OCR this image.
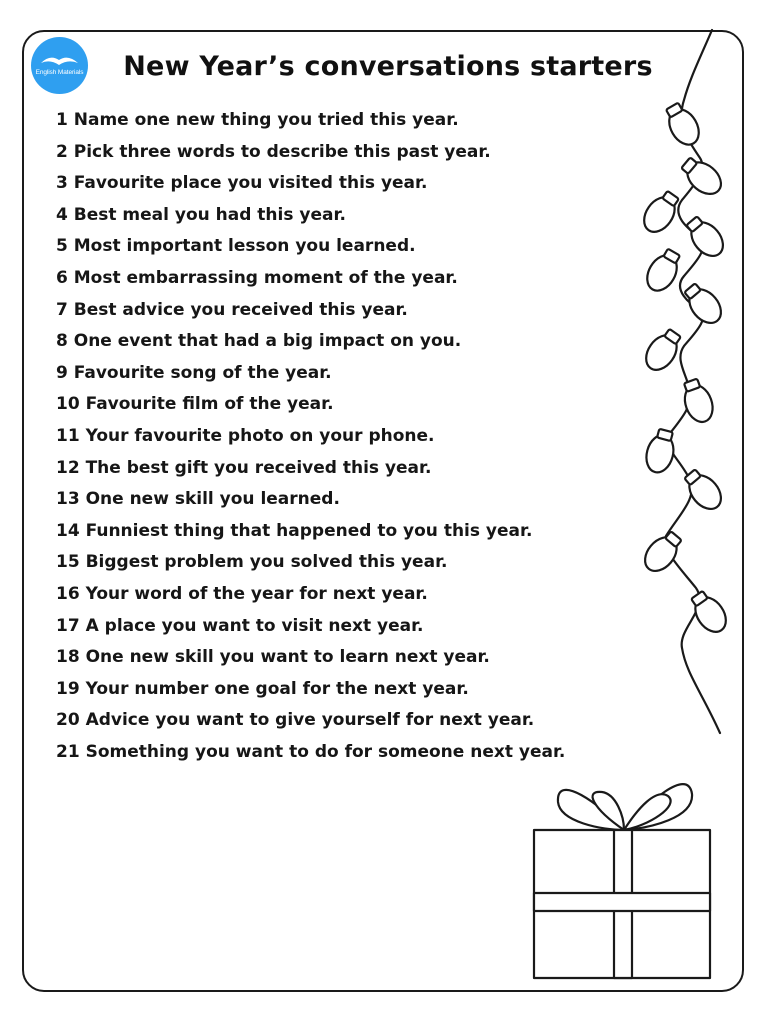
English Materials	New Year’s conversations starters
1 Name one new thing you tried this year.
2 Pick three words to describe this past year.
3 Favourite place you visited this year.
4 Best meal you had this year.
5 Most important lesson you learned.
6 Most embarrassing moment of the year.
7 Best advice you received this year.
8 One event that had a big impact on you.
9 Favourite song of the year.
10 Favourite film of the year.
11 Your favourite photo on your phone.
12 The best gift you received this year.
13 One new skill you learned.
14 Funniest thing that happened to you this year.
15 Biggest problem you solved this year.
16 Your word of the year for next year.
17 A place you want to visit next year.
18 One new skill you want to learn next year.
19 Your number one goal for the next year.
20 Advice you want to give yourself for next year.
21 Something you want to do for someone next year.
